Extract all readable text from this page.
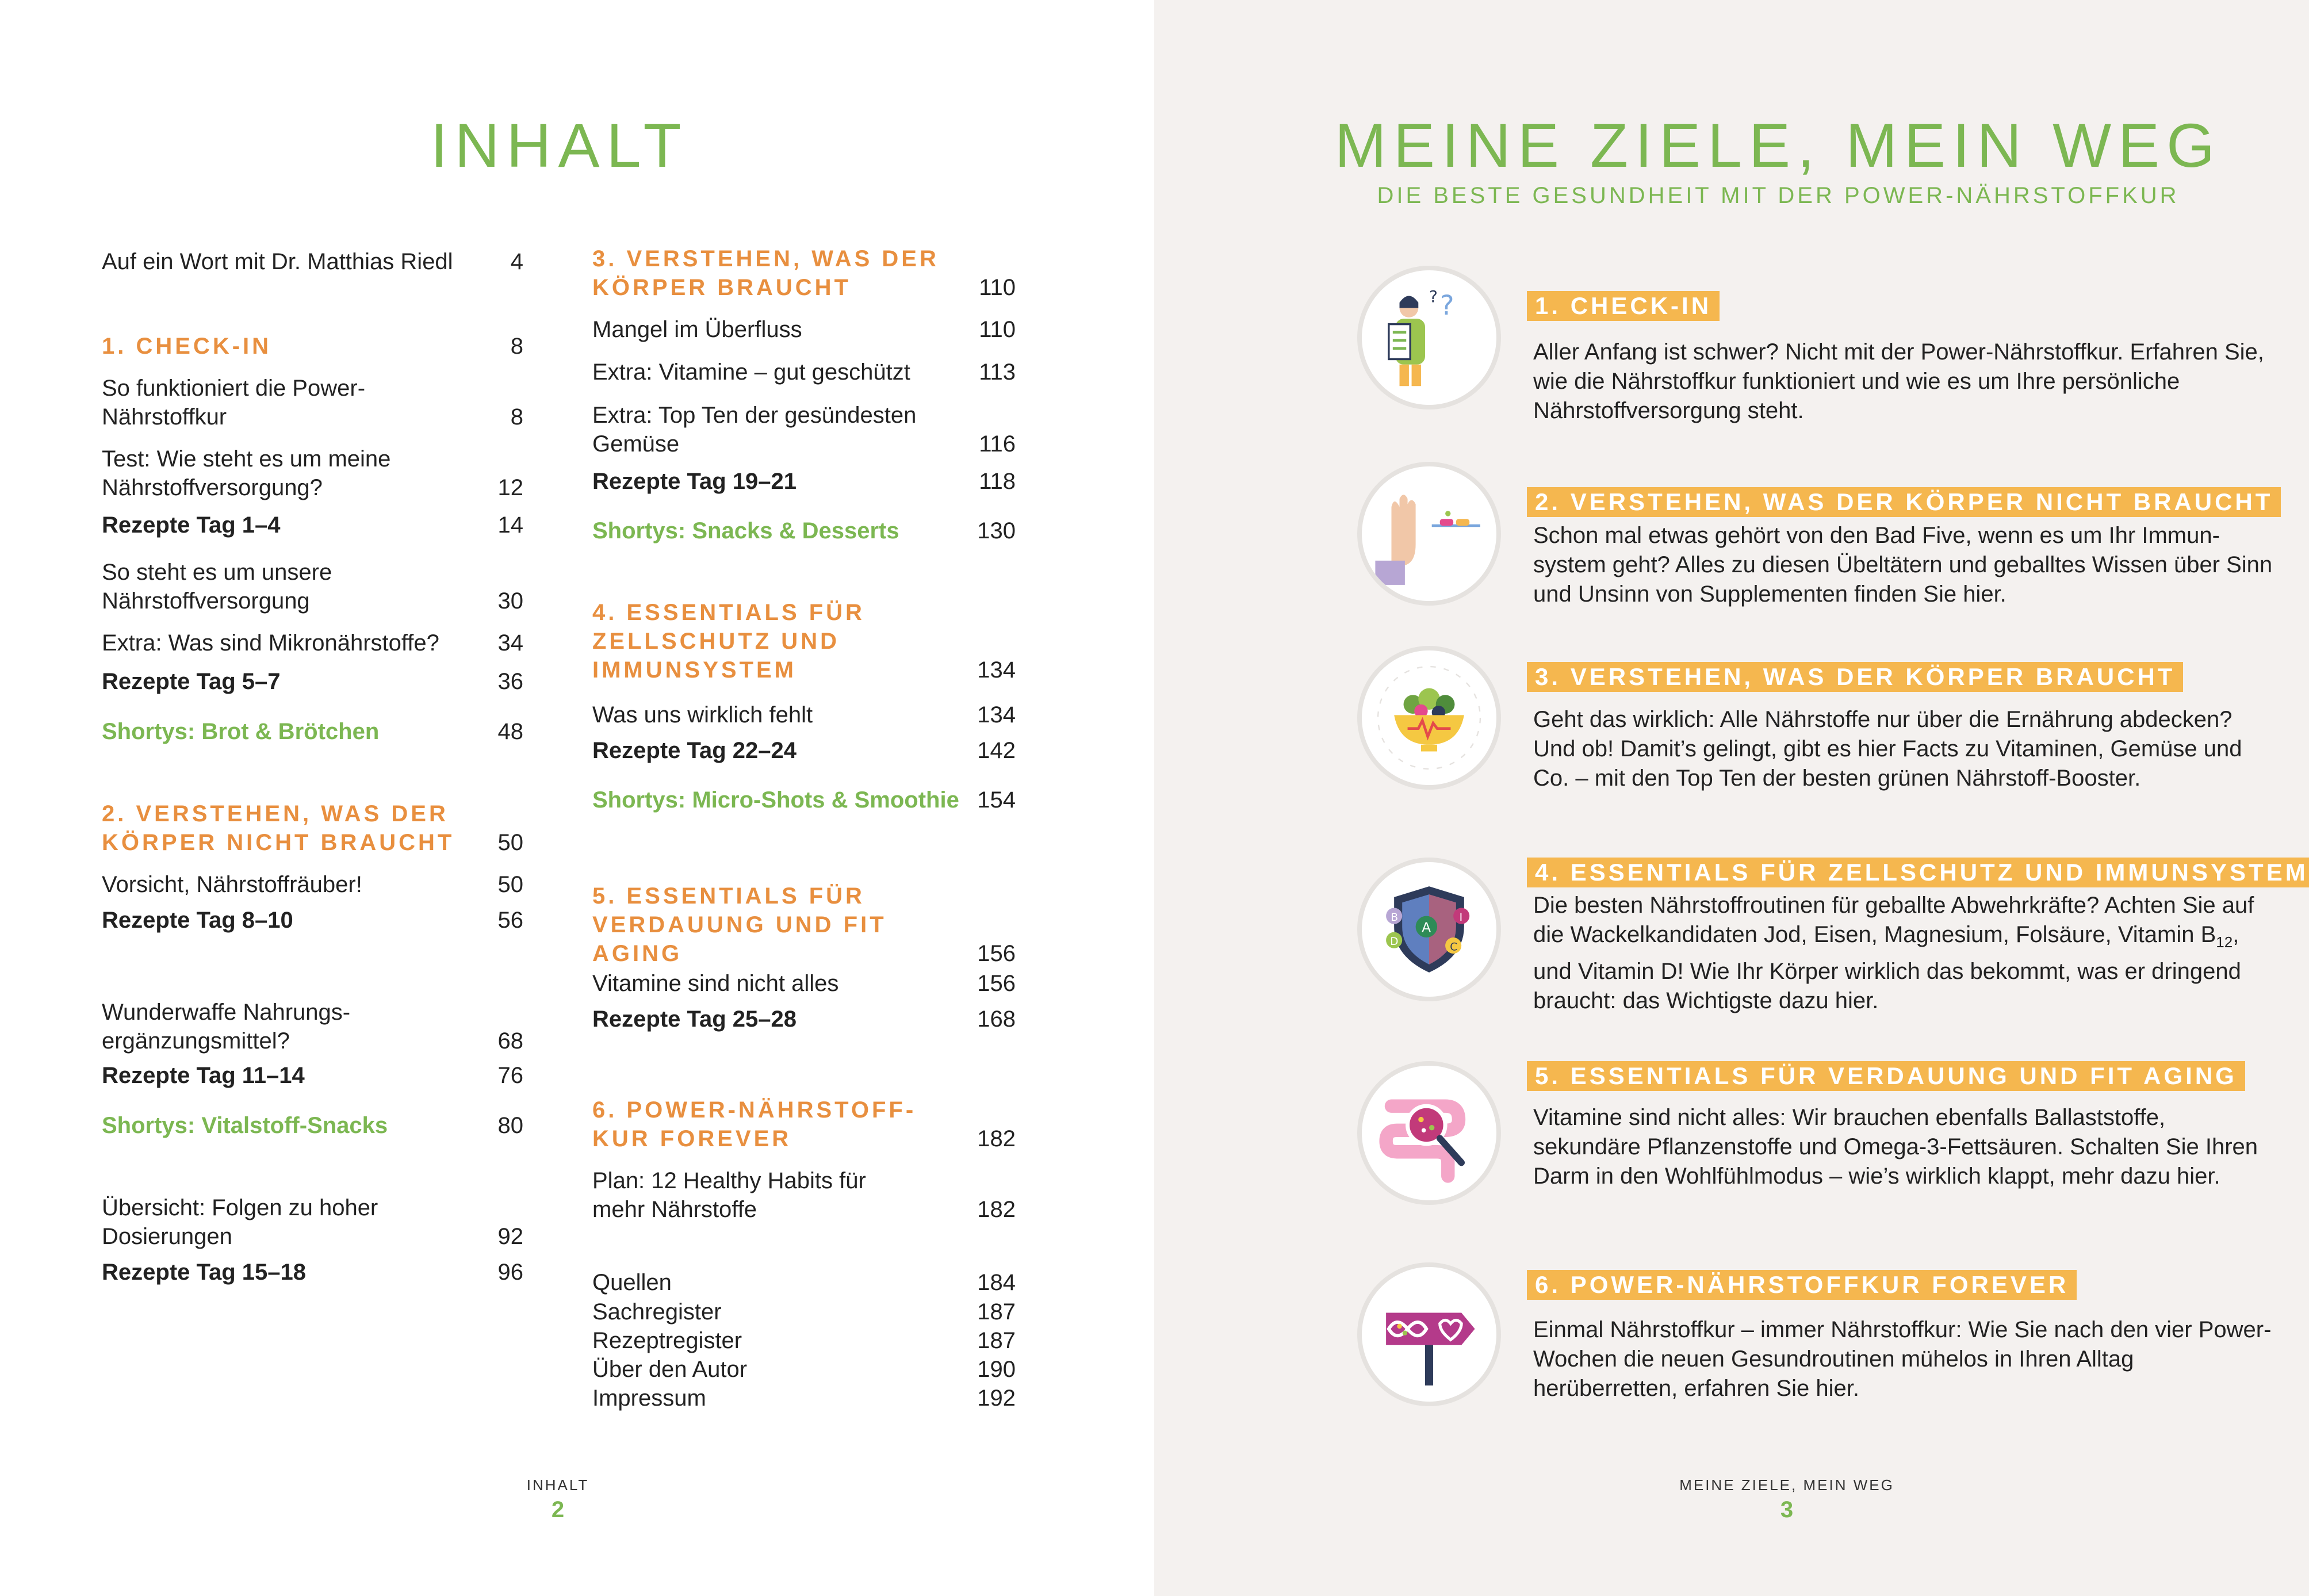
INHALT
Auf ein Wort mit Dr. Matthias Riedl	4
1. CHECK-IN	8
So funktioniert die Power-
Nährstoffkur	8
Test: Wie steht es um meine
Nährstoffversorgung?	12
Rezepte Tag 1–4	14
So steht es um unsere
Nährstoffversorgung	30
Extra: Was sind Mikronährstoffe?	34
Rezepte Tag 5–7	36
Shortys: Brot & Brötchen	48
2. VERSTEHEN, WAS DER
KÖRPER NICHT BRAUCHT	50
Vorsicht, Nährstoffräuber!	50
Rezepte Tag 8–10	56
Wunderwaffe Nahrungs-
ergänzungsmittel?	68
Rezepte Tag 11–14	76
Shortys: Vitalstoff-Snacks	80
Übersicht: Folgen zu hoher
Dosierungen	92
Rezepte Tag 15–18	96
3. VERSTEHEN, WAS DER
KÖRPER BRAUCHT	110
Mangel im Überfluss	110
Extra: Vitamine – gut geschützt	113
Extra: Top Ten der gesündesten
Gemüse	116
Rezepte Tag 19–21	118
Shortys: Snacks & Desserts	130
4. ESSENTIALS FÜR
ZELLSCHUTZ UND
IMMUNSYSTEM	134
Was uns wirklich fehlt	134
Rezepte Tag 22–24	142
Shortys: Micro-Shots & Smoothie 154
5. ESSENTIALS FÜR
VERDAUUNG UND FIT
AGING	156
Vitamine sind nicht alles	156
Rezepte Tag 25–28	168
6. POWER-NÄHRSTOFF-
KUR FOREVER	182
Plan: 12 Healthy Habits für
mehr Nährstoffe	182
Quellen	184
Sachregister	187
Rezeptregister	187
Über den Autor	190
Impressum	192
INHALT
2
MEINE ZIELE, MEIN WEG
DIE BESTE GESUNDHEIT MIT DER POWER-NÄHRSTOFFKUR
MEINE ZIELE, MEIN WEG
3
?
?	1. CHECK-IN
Aller Anfang ist schwer? Nicht mit der Power-Nährstoffkur. Erfahren Sie, wie die Nährstoffkur funktioniert und wie es um Ihre persönliche Nährstoffversorgung steht.
2. VERSTEHEN, WAS DER KÖRPER NICHT BRAUCHT
Schon mal etwas gehört von den Bad Five, wenn es um Ihr Immun-system geht? Alles zu diesen Übeltätern und geballtes Wissen über Sinn und Unsinn von Supplementen finden Sie hier.
3. VERSTEHEN, WAS DER KÖRPER BRAUCHT
Geht das wirklich: Alle Nährstoffe nur über die Ernährung abdecken? Und ob! Damit’s gelingt, gibt es hier Facts zu Vitaminen, Gemüse und Co. – mit den Top Ten der besten grünen Nährstoff-Booster.
A
B	I
D	C
4. ESSENTIALS FÜR ZELLSCHUTZ UND IMMUNSYSTEM
Die besten Nährstoffroutinen für geballte Abwehrkräfte? Achten Sie auf die Wackelkandidaten Jod, Eisen, Magnesium, Folsäure, Vitamin $B_{12}$, und Vitamin D! Wie Ihr Körper wirklich das bekommt, was er dringend braucht: das Wichtigste dazu hier.
5. ESSENTIALS FÜR VERDAUUNG UND FIT AGING
Vitamine sind nicht alles: Wir brauchen ebenfalls Ballaststoffe, sekundäre Pflanzenstoffe und Omega-3-Fettsäuren. Schalten Sie Ihren Darm in den Wohlfühlmodus – wie’s wirklich klappt, mehr dazu hier.
6. POWER-NÄHRSTOFFKUR FOREVER
Einmal Nährstoffkur – immer Nährstoffkur: Wie Sie nach den vier Power-Wochen die neuen Gesundroutinen mühelos in Ihren Alltag herüberretten, erfahren Sie hier.
